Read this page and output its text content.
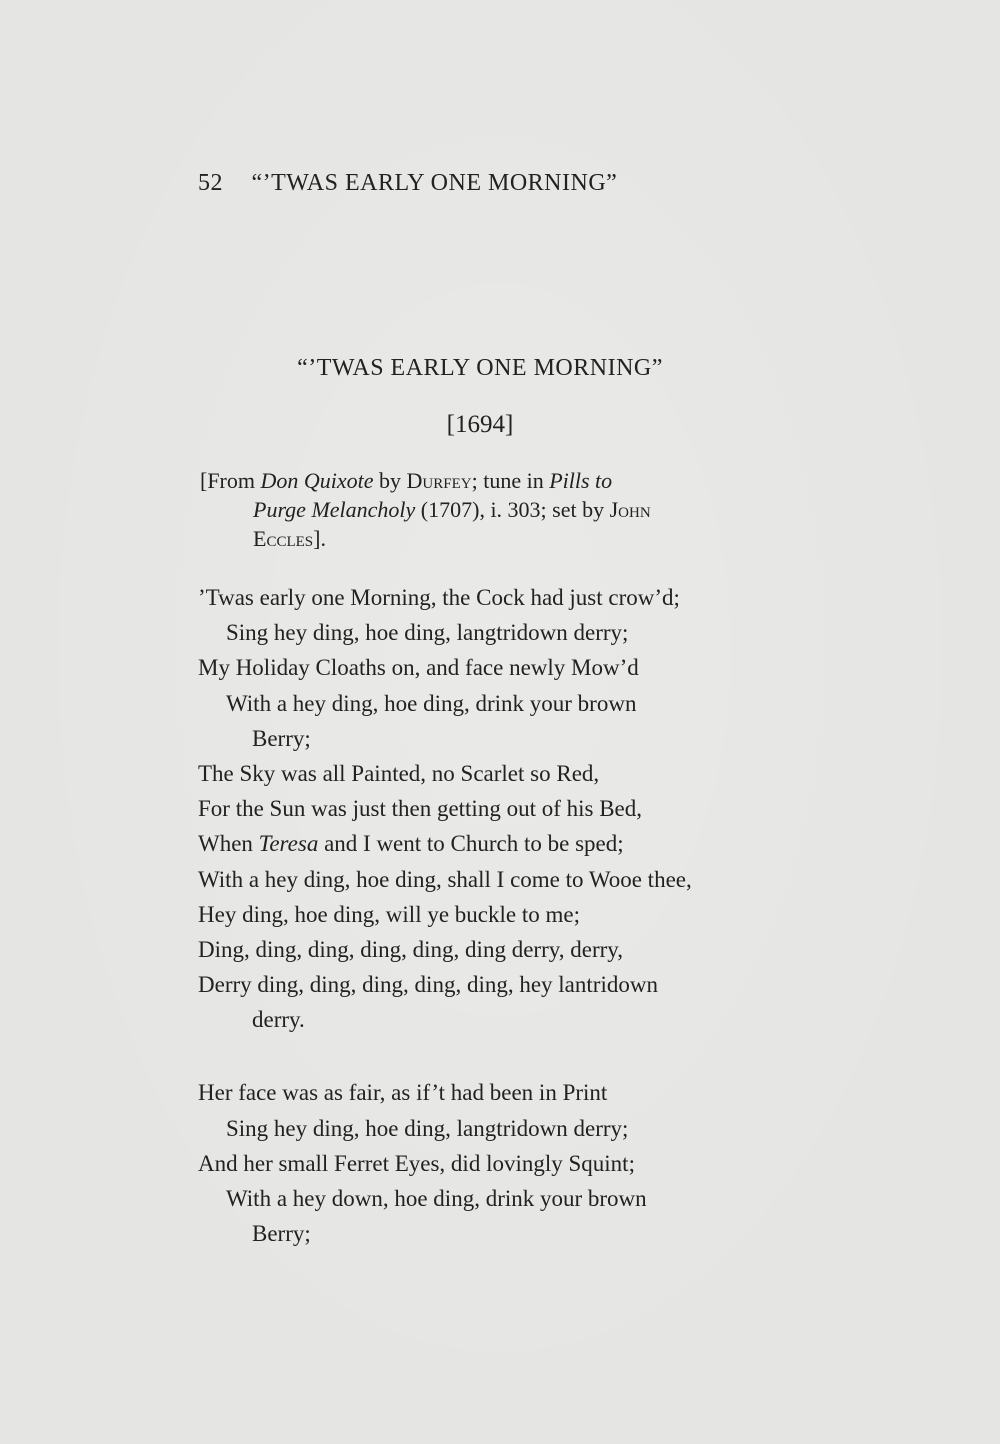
52 “’TWAS EARLY ONE MORNING”
“’TWAS EARLY ONE MORNING”
[1694]
[From Don Quixote by Durfey; tune in Pills to
Purge Melancholy (1707), i. 303; set by John
Eccles].
’Twas early one Morning, the Cock had just crow’d;
Sing hey ding, hoe ding, langtridown derry;
My Holiday Cloaths on, and face newly Mow’d
With a hey ding, hoe ding, drink your brown
Berry;
The Sky was all Painted, no Scarlet so Red,
For the Sun was just then getting out of his Bed,
When Teresa and I went to Church to be sped;
With a hey ding, hoe ding, shall I come to Wooe thee,
Hey ding, hoe ding, will ye buckle to me;
Ding, ding, ding, ding, ding, ding derry, derry,
Derry ding, ding, ding, ding, ding, hey lantridown
derry.
Her face was as fair, as if’t had been in Print
Sing hey ding, hoe ding, langtridown derry;
And her small Ferret Eyes, did lovingly Squint;
With a hey down, hoe ding, drink your brown
Berry;
